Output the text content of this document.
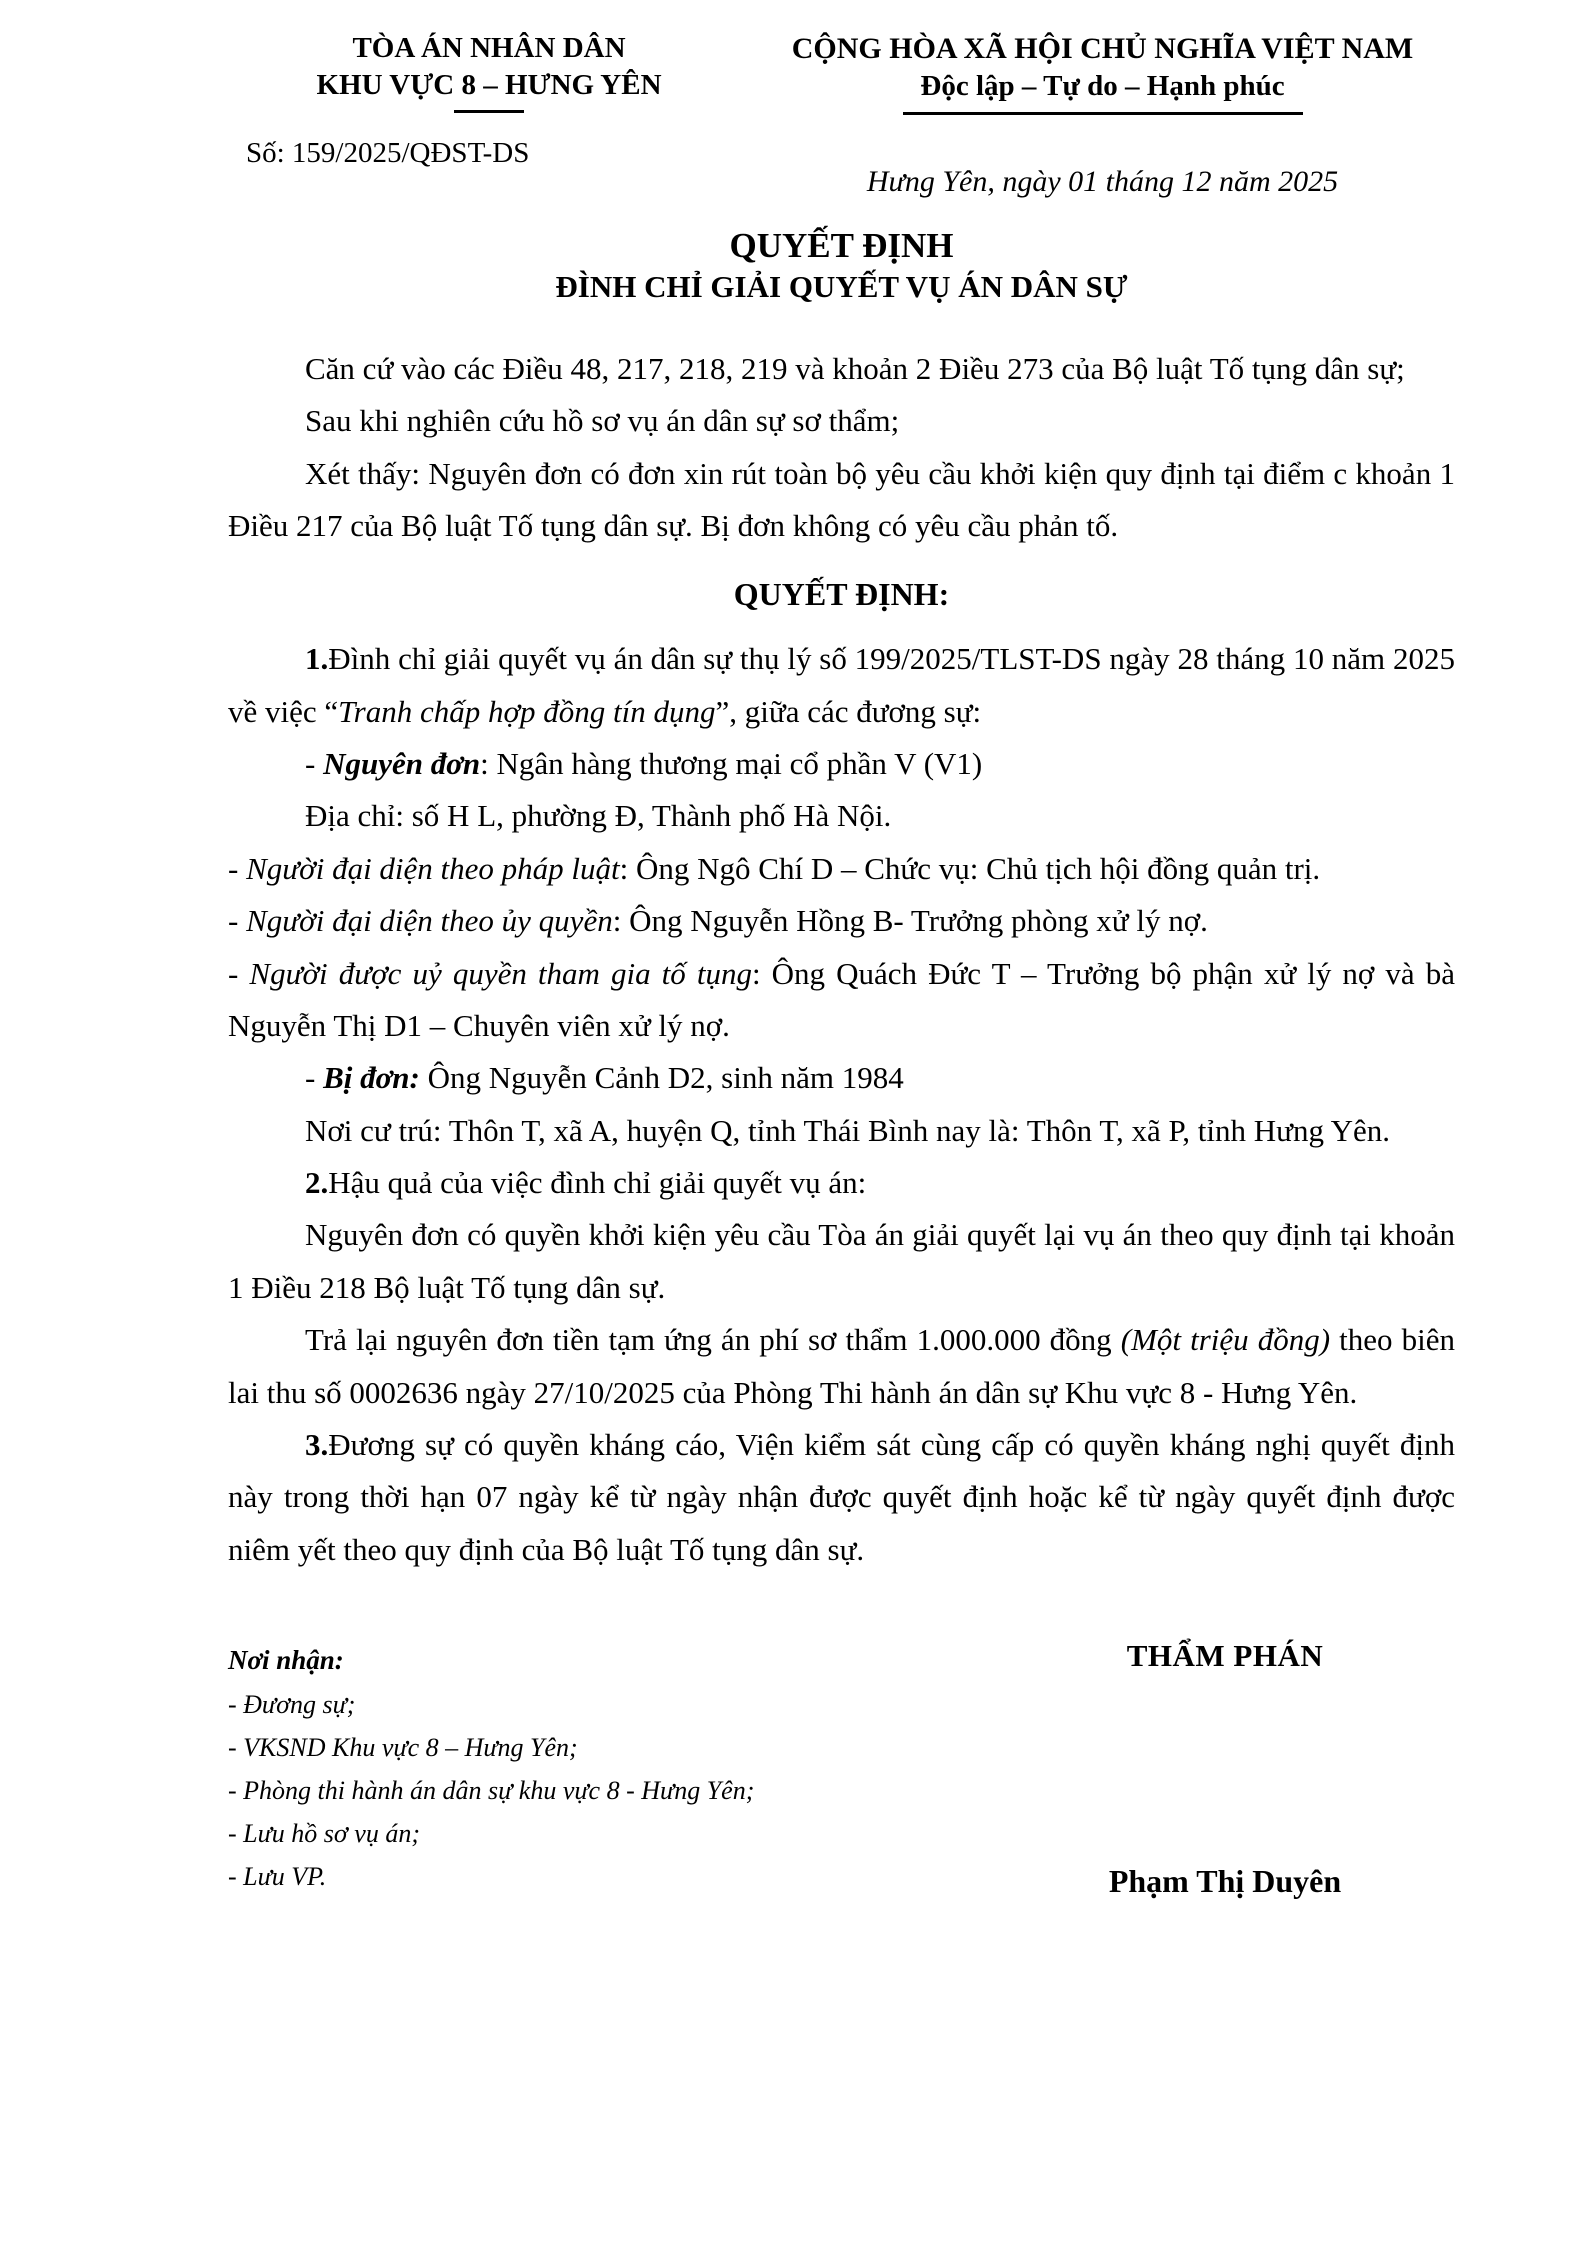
TÒA ÁN NHÂN DÂN
KHU VỰC 8 – HƯNG YÊN
Số: 159/2025/QĐST-DS
CỘNG HÒA XÃ HỘI CHỦ NGHĨA VIỆT NAM
Độc lập – Tự do – Hạnh phúc
Hưng Yên, ngày 01 tháng 12 năm 2025
QUYẾT ĐỊNH
ĐÌNH CHỈ GIẢI QUYẾT VỤ ÁN DÂN SỰ

Căn cứ vào các Điều 48, 217, 218, 219 và khoản 2 Điều 273 của Bộ luật Tố tụng dân sự;

Sau khi nghiên cứu hồ sơ vụ án dân sự sơ thẩm;

Xét thấy: Nguyên đơn có đơn xin rút toàn bộ yêu cầu khởi kiện quy định tại điểm c khoản 1 Điều 217 của Bộ luật Tố tụng dân sự. Bị đơn không có yêu cầu phản tố.

QUYẾT ĐỊNH:

1.Đình chỉ giải quyết vụ án dân sự thụ lý số 199/2025/TLST-DS ngày 28 tháng 10 năm 2025 về việc “Tranh chấp hợp đồng tín dụng”, giữa các đương sự:

- Nguyên đơn: Ngân hàng thương mại cổ phần V (V1)

Địa chỉ: số H L, phường Đ, Thành phố Hà Nội.

- Người đại diện theo pháp luật: Ông Ngô Chí D – Chức vụ: Chủ tịch hội đồng quản trị.

- Người đại diện theo ủy quyền: Ông Nguyễn Hồng B- Trưởng phòng xử lý nợ.

- Người được uỷ quyền tham gia tố tụng: Ông Quách Đức T – Trưởng bộ phận xử lý nợ và bà Nguyễn Thị D1 – Chuyên viên xử lý nợ.

- Bị đơn: Ông Nguyễn Cảnh D2, sinh năm 1984

Nơi cư trú: Thôn T, xã A, huyện Q, tỉnh Thái Bình nay là: Thôn T, xã P, tỉnh Hưng Yên.

2.Hậu quả của việc đình chỉ giải quyết vụ án:

Nguyên đơn có quyền khởi kiện yêu cầu Tòa án giải quyết lại vụ án theo quy định tại khoản 1 Điều 218 Bộ luật Tố tụng dân sự.

Trả lại nguyên đơn tiền tạm ứng án phí sơ thẩm 1.000.000 đồng (Một triệu đồng) theo biên lai thu số 0002636 ngày 27/10/2025 của Phòng Thi hành án dân sự Khu vực 8 - Hưng Yên.

3.Đương sự có quyền kháng cáo, Viện kiểm sát cùng cấp có quyền kháng nghị quyết định này trong thời hạn 07 ngày kể từ ngày nhận được quyết định hoặc kể từ ngày quyết định được niêm yết theo quy định của Bộ luật Tố tụng dân sự.

Nơi nhận:
- Đương sự;
- VKSND Khu vực 8 – Hưng Yên;
- Phòng thi hành án dân sự khu vực 8 - Hưng Yên;
- Lưu hồ sơ vụ án;
- Lưu VP.
THẨM PHÁN
Phạm Thị Duyên
